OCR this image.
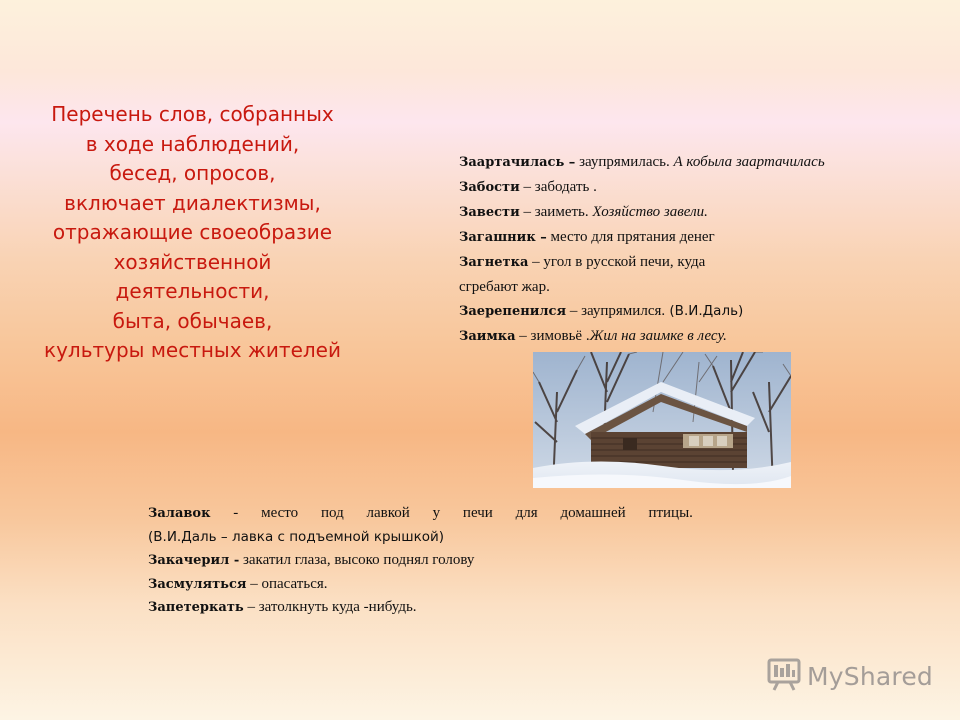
Перечень слов, собранных
в ходе наблюдений,
бесед, опросов,
включает диалектизмы,
отражающие своеобразие
хозяйственной
деятельности,
быта, обычаев,
культуры местных жителей
Заартачилась – заупрямилась. А кобыла заартачилась
Забости – забодать .
Завести – заиметь. Хозяйство завели.
Загашник – место для прятания денег
Загнетка – угол в русской печи, куда
сгребают жар.
Заерепенился – заупрямился. (В.И.Даль)
Заимка – зимовьё .Жил на заимке в лесу.
Залавок - место под лавкой у печи для домашней птицы.
(В.И.Даль – лавка с подъемной крышкой)
Закачерил - закатил глаза, высоко поднял голову
Засмуляться – опасаться.
Запетеркать – затолкнуть куда -нибудь.
MyShared
